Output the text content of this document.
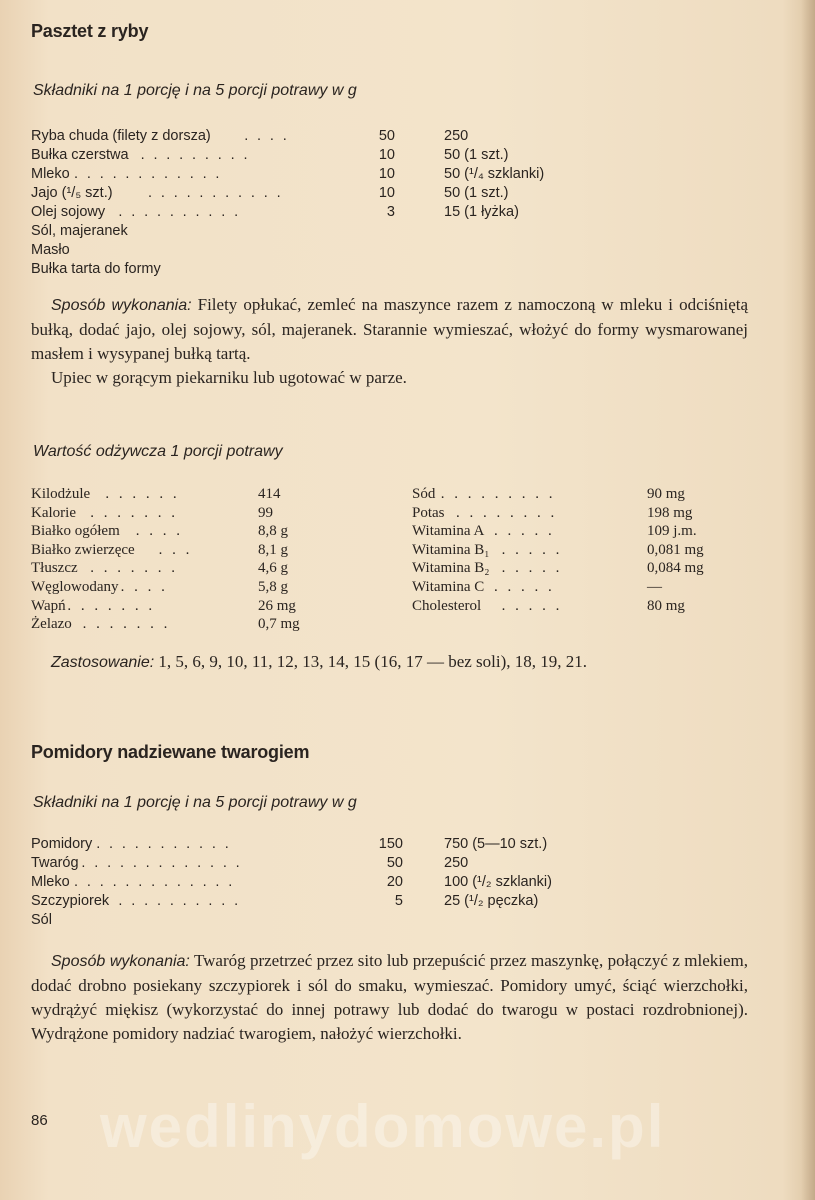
Pasztet z ryby
Składniki na 1 porcję i na 5 porcji potrawy w g
Ryba chuda (filety z dorsza) . . . .	50	250
Bułka czerstwa . . . . . . . . .	10	50 (1 szt.)
Mleko . . . . . . . . . . . .	10	50 (¹/₄ szklanki)
Jajo (¹/₅ szt.) . . . . . . . . . . .	10	50 (1 szt.)
Olej sojowy . . . . . . . . . .	3	15 (1 łyżka)
Sól, majeranek
Masło
Bułka tarta do formy

Sposób wykonania: Filety opłukać, zemleć na maszynce razem z namoczoną w mleku i odciśniętą bułką, dodać jajo, olej sojowy, sól, majeranek. Starannie wymieszać, włożyć do formy wysmarowanej masłem i wysypanej bułką tartą.

Upiec w gorącym piekarniku lub ugotować w parze.

Wartość odżywcza 1 porcji potrawy
Kilodżule . . . . . .	414
Kalorie . . . . . . .	99
Białko ogółem . . . .	8,8 g
Białko zwierzęce . . .	8,1 g
Tłuszcz . . . . . . .	4,6 g
Węglowodany . . . .	5,8 g
Wapń . . . . . . .	26 mg
Żelazo . . . . . . .	0,7 mg
Sód . . . . . . . . .	90 mg
Potas . . . . . . . .	198 mg
Witamina A . . . . .	109 j.m.
Witamina B₁ . . . . .	0,081 mg
Witamina B₂ . . . . .	0,084 mg
Witamina C . . . . .	—
Cholesterol . . . . .	80 mg

Zastosowanie: 1, 5, 6, 9, 10, 11, 12, 13, 14, 15 (16, 17 — bez soli), 18, 19, 21.

Pomidory nadziewane twarogiem
Składniki na 1 porcję i na 5 porcji potrawy w g
Pomidory . . . . . . . . . . .	150	750 (5—10 szt.)
Twaróg . . . . . . . . . . . . .	50	250
Mleko . . . . . . . . . . . . .	20	100 (¹/₂ szklanki)
Szczypiorek . . . . . . . . . .	5	25 (¹/₂ pęczka)
Sól

Sposób wykonania: Twaróg przetrzeć przez sito lub przepuścić przez maszynkę, połączyć z mlekiem, dodać drobno posiekany szczypiorek i sól do smaku, wymieszać. Pomidory umyć, ściąć wierzchołki, wydrążyć miękisz (wykorzystać do innej potrawy lub dodać do twarogu w postaci rozdrobnionej). Wydrążone pomidory nadziać twarogiem, nałożyć wierzchołki.

wedlinydomowe.pl
86
